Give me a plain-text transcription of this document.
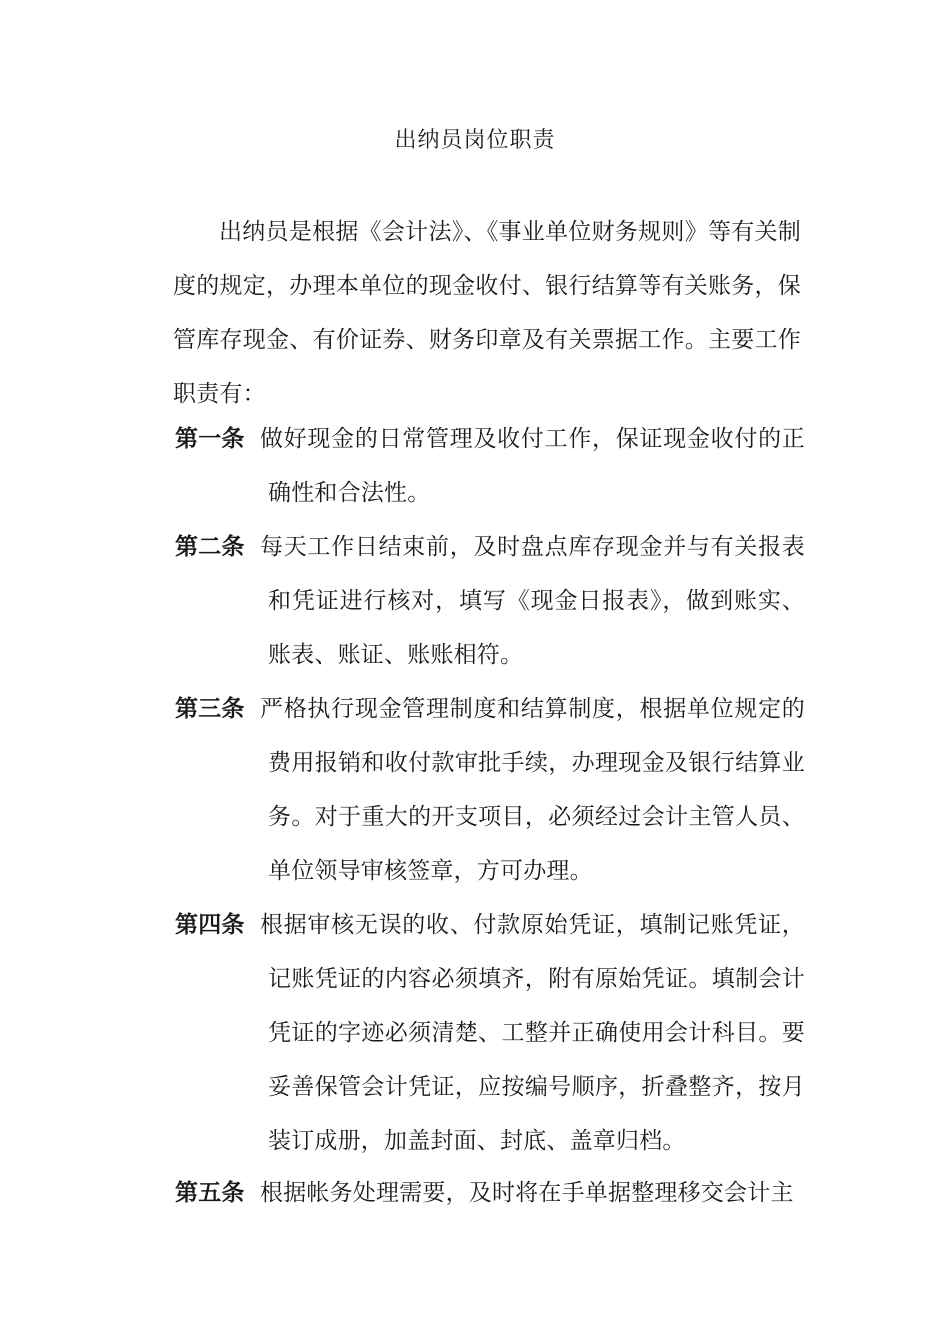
出纳员岗位职责
出纳员是根据《会计法》、《事业单位财务规则》等有关制度的规定，办理本单位的现金收付、银行结算等有关账务，保管库存现金、有价证券、财务印章及有关票据工作。主要工作职责有：
第一条 做好现金的日常管理及收付工作，保证现金收付的正确性和合法性。
第二条 每天工作日结束前，及时盘点库存现金并与有关报表和凭证进行核对，填写《现金日报表》，做到账实、账表、账证、账账相符。
第三条 严格执行现金管理制度和结算制度，根据单位规定的费用报销和收付款审批手续，办理现金及银行结算业务。对于重大的开支项目，必须经过会计主管人员、单位领导审核签章，方可办理。
第四条 根据审核无误的收、付款原始凭证，填制记账凭证，记账凭证的内容必须填齐，附有原始凭证。填制会计凭证的字迹必须清楚、工整并正确使用会计科目。要妥善保管会计凭证，应按编号顺序，折叠整齐，按月装订成册，加盖封面、封底、盖章归档。
第五条 根据帐务处理需要，及时将在手单据整理移交会计主
